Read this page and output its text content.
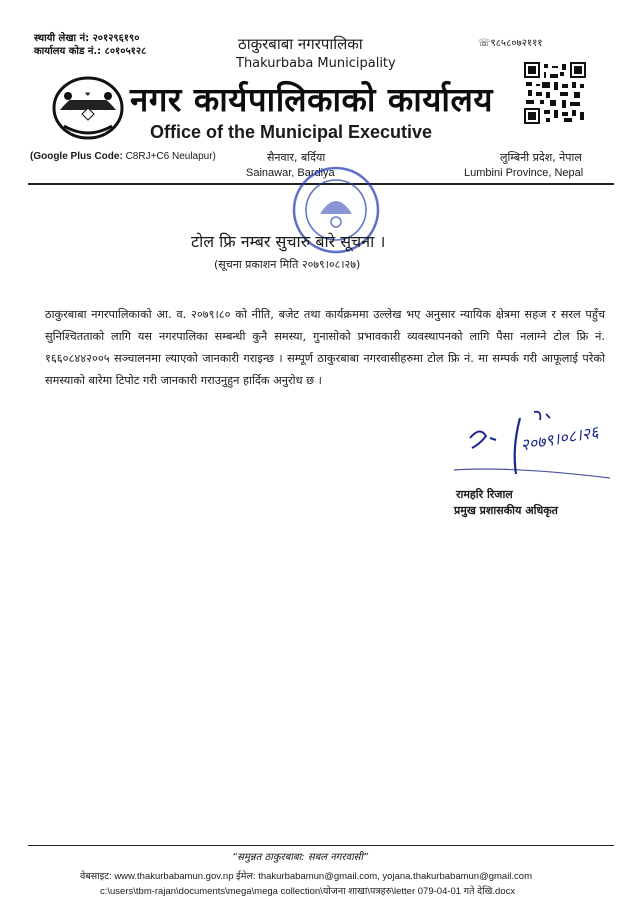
स्थायी लेखा नं: २०१२९६१९०
कार्यालय कोड नं.: ८०१०५१२८	ठाकुरबाबा नगरपालिका
Thakurbaba Municipality
नगर कार्यपालिकाको कार्यालय
Office of the Municipal Executive
☏९८५८०७२१११
(Google Plus Code: C8RJ+C6 Neulapur)	सैनवार, बर्दिया
Sainawar, Bardiya
लुम्बिनी प्रदेश, नेपाल
Lumbini Province, Nepal
टोल फ्रि नम्बर सुचारु बारे सूचना ।
(सूचना प्रकाशन मिति २०७९।०८।२७)
ठाकुरबाबा नगरपालिकाको आ. व. २०७९।८० को नीति, बजेट तथा कार्यक्रममा उल्लेख भए अनुसार न्यायिक क्षेत्रमा सहज र सरल पहुँच सुनिश्चितताको लागि यस नगरपालिका सम्बन्धी कुनै समस्या, गुनासोको प्रभावकारी व्यवस्थापनको लागि पैसा नलाग्ने टोल फ्रि नं. १६६०८४४२००५ सञ्चालनमा ल्याएको जानकारी गराइन्छ । सम्पूर्ण ठाकुरबाबा नगरवासीहरुमा टोल फ्रि नं. मा सम्पर्क गरी आफूलाई परेको समस्याको बारेमा टिपोट गरी जानकारी गराउनुहुन हार्दिक अनुरोध छ ।
२०७९।०८।२६
रामहरि रिजाल
प्रमुख प्रशासकीय अधिकृत
“समुन्नत ठाकुरबाबा: सबल नगरवासी”
वेबसाइट: www.thakurbabamun.gov.np ईमेल: thakurbabamun@gmail.com, yojana.thakurbabamun@gmail.com
c:\users\tbm-rajan\documents\mega\mega collection\योजना शाखा\पत्रहरु\letter 079-04-01 गते देखि.docx
